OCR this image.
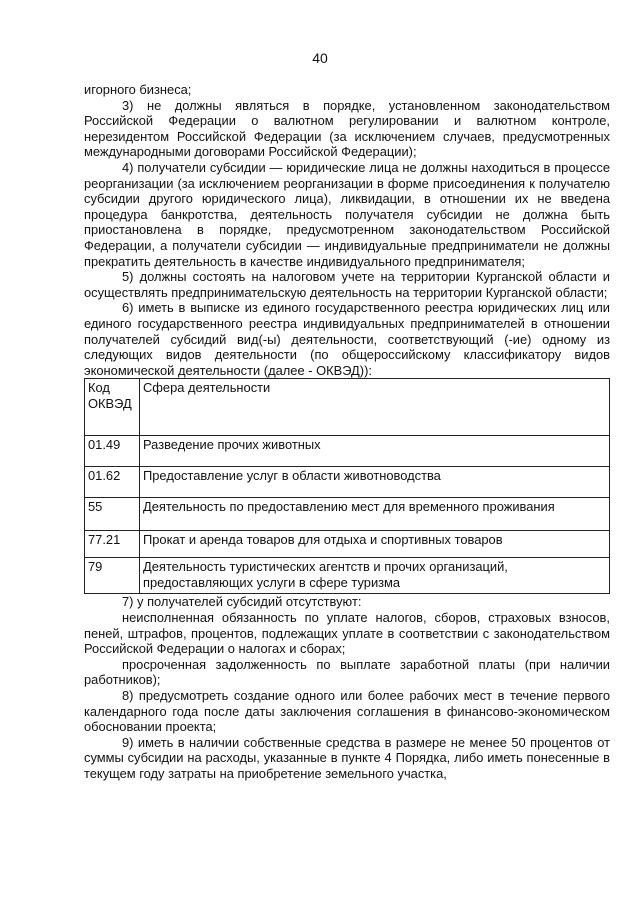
40

игорного бизнеса;

3) не должны являться в порядке, установленном законодательством Российской Федерации о валютном регулировании и валютном контроле, нерезидентом Российской Федерации (за исключением случаев, предусмотренных международными договорами Российской Федерации);

4) получатели субсидии — юридические лица не должны находиться в процессе реорганизации (за исключением реорганизации в форме присоединения к получателю субсидии другого юридического лица), ликвидации, в отношении их не введена процедура банкротства, деятельность получателя субсидии не должна быть приостановлена в порядке, предусмотренном законодательством Российской Федерации, а получатели субсидии — индивидуальные предприниматели не должны прекратить деятельность в качестве индивидуального предпринимателя;

5) должны состоять на налоговом учете на территории Курганской области и осуществлять предпринимательскую деятельность на территории Курганской области;

6) иметь в выписке из единого государственного реестра юридических лиц или единого государственного реестра индивидуальных предпринимателей в отношении получателей субсидий вид(-ы) деятельности, соответствующий (-ие) одному из следующих видов деятельности (по общероссийскому классификатору видов экономической деятельности (далее - ОКВЭД)):

Код ОКВЭД	Сфера деятельности
01.49	Разведение прочих животных
01.62	Предоставление услуг в области животноводства
55	Деятельность по предоставлению мест для временного проживания
77.21	Прокат и аренда товаров для отдыха и спортивных товаров
79	Деятельность туристических агентств и прочих организаций, предоставляющих услуги в сфере туризма

7) у получателей субсидий отсутствуют:

неисполненная обязанность по уплате налогов, сборов, страховых взносов, пеней, штрафов, процентов, подлежащих уплате в соответствии с законодательством Российской Федерации о налогах и сборах;

просроченная задолженность по выплате заработной платы (при наличии работников);

8) предусмотреть создание одного или более рабочих мест в течение первого календарного года после даты заключения соглашения в финансово-экономическом обосновании проекта;

9) иметь в наличии собственные средства в размере не менее 50 процентов от суммы субсидии на расходы, указанные в пункте 4 Порядка, либо иметь понесенные в текущем году затраты на приобретение земельного участка,
